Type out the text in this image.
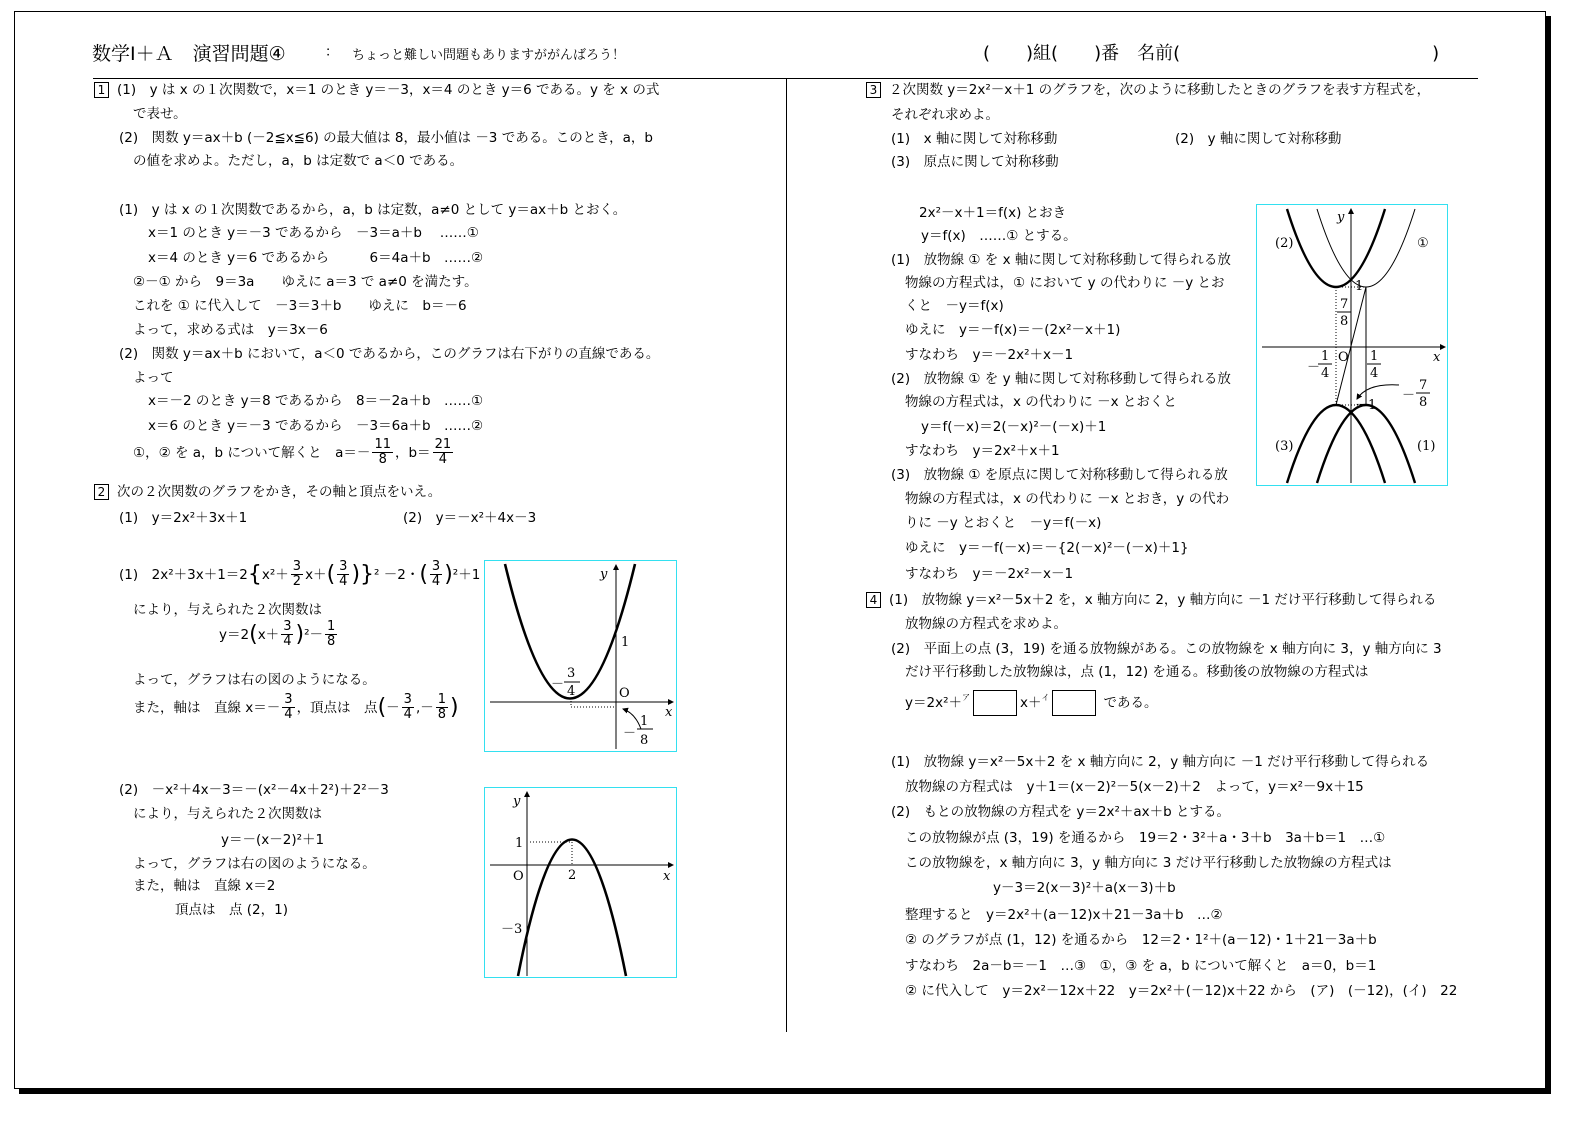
数学Ⅰ＋Ａ　演習問題④	： ちょっと難しい問題もありますががんばろう！	(　　)組(　　)番　名前(　　　　　　　　　　　　　　)
1 (1)　y は x の１次関数で，x＝1 のとき y＝－3，x＝4 のとき y＝6 である。y を x の式
で表せ。
(2)　関数 y＝ax＋b (－2≦x≦6) の最大値は 8，最小値は －3 である。このとき，a，b
の値を求めよ。ただし，a，b は定数で a＜0 である。
(1)　y は x の１次関数であるから，a，b は定数，a≠0 として y＝ax＋b とおく。
x＝1 のとき y＝－3 であるから　－3＝a＋b　 ……①
x＝4 のとき y＝6 であるから　　　6＝4a＋b　……②
②－① から　9＝3a　　ゆえに a＝3 で a≠0 を満たす。
これを ① に代入して　－3＝3＋b　　ゆえに　b＝－6
よって，求める式は　y＝3x－6
(2)　関数 y＝ax＋b において，a＜0 であるから，このグラフは右下がりの直線である。
よって
x＝－2 のとき y＝8 であるから　8＝－2a＋b　……①
x＝6 のとき y＝－3 であるから　－3＝6a＋b　……②
①，② を a，b について解くと　$a=- \frac{11}{8}$ ，$b= \frac{21}{4}$
2 次の２次関数のグラフをかき，その軸と頂点をいえ。
(1)　y＝2x²＋3x＋1	(2)　y＝－x²＋4x－3
(1)　2x²＋3x＋1＝2 { $x^2+ \frac{3}{2} x+$ ( $\frac{3}{4}$ ) } ² －2・ ( $\frac{3}{4}$ ) ²＋1
により，与えられた２次関数は
y＝2 ( $x+ \frac{3}{4}$ ) $^2- \frac{1}{8}$
よって，グラフは右の図のようになる。
また，軸は　直線 $x=- \frac{3}{4}$ ，頂点は　点 ( － $\frac{3}{4}$ ,－ $\frac{1}{8}$ )
y
x
O
1
－
3
4
－
1
8
(2)　－x²＋4x－3＝－(x²－4x＋2²)＋2²－3
により，与えられた２次関数は
y＝－(x－2)²＋1
よって，グラフは右の図のようになる。
また，軸は　直線 x＝2
頂点は　点 (2，1)
y
x
O
1
2
－3
3 ２次関数 y＝2x²－x＋1 のグラフを，次のように移動したときのグラフを表す方程式を，
それぞれ求めよ。
(1)　x 軸に関して対称移動	(2)　y 軸に関して対称移動
(3)　原点に関して対称移動
2x²－x＋1＝f(x) とおき
y＝f(x)　……① とする。
(1)　放物線 ① を x 軸に関して対称移動して得られる放
物線の方程式は，① において y の代わりに －y とお
くと　－y＝f(x)
ゆえに　y＝－f(x)＝－(2x²－x＋1)
すなわち　y＝－2x²＋x－1
(2)　放物線 ① を y 軸に関して対称移動して得られる放
物線の方程式は，x の代わりに －x とおくと
y＝f(－x)＝2(－x)²－(－x)＋1
すなわち　y＝2x²＋x＋1
(3)　放物線 ① を原点に関して対称移動して得られる放
物線の方程式は，x の代わりに －x とおき，y の代わ
りに －y とおくと　－y＝f(－x)
ゆえに　y＝－f(－x)＝－{2(－x)²－(－x)＋1}
すなわち　y＝－2x²－x－1
y
x
O
(2)	①
(3)	(1)
1
－1
7
8
－
1
4
1
4
－
7
8
4 (1)　放物線 y＝x²－5x＋2 を，x 軸方向に 2，y 軸方向に －1 だけ平行移動して得られる
放物線の方程式を求めよ。
(2)　平面上の点 (3，19) を通る放物線がある。この放物線を x 軸方向に 3，y 軸方向に 3
だけ平行移動した放物線は，点 (1，12) を通る。移動後の放物線の方程式は
y＝2x²＋$^ア$	x＋$^イ$	である。
(1)　放物線 y＝x²－5x＋2 を x 軸方向に 2，y 軸方向に －1 だけ平行移動して得られる
放物線の方程式は　y＋1＝(x－2)²－5(x－2)＋2　よって，y＝x²－9x＋15
(2)　もとの放物線の方程式を y＝2x²＋ax＋b とする。
この放物線が点 (3，19) を通るから　19＝2・3²＋a・3＋b　3a＋b＝1　…①
この放物線を，x 軸方向に 3，y 軸方向に 3 だけ平行移動した放物線の方程式は
y－3＝2(x－3)²＋a(x－3)＋b
整理すると　y＝2x²＋(a－12)x＋21－3a＋b　…②
② のグラフが点 (1，12) を通るから　12＝2・1²＋(a－12)・1＋21－3a＋b
すなわち　2a－b＝－1　…③　①，③ を a，b について解くと　a＝0，b＝1
② に代入して　y＝2x²－12x＋22　y＝2x²＋(－12)x＋22 から　(ア)　(－12)，(イ)　22
